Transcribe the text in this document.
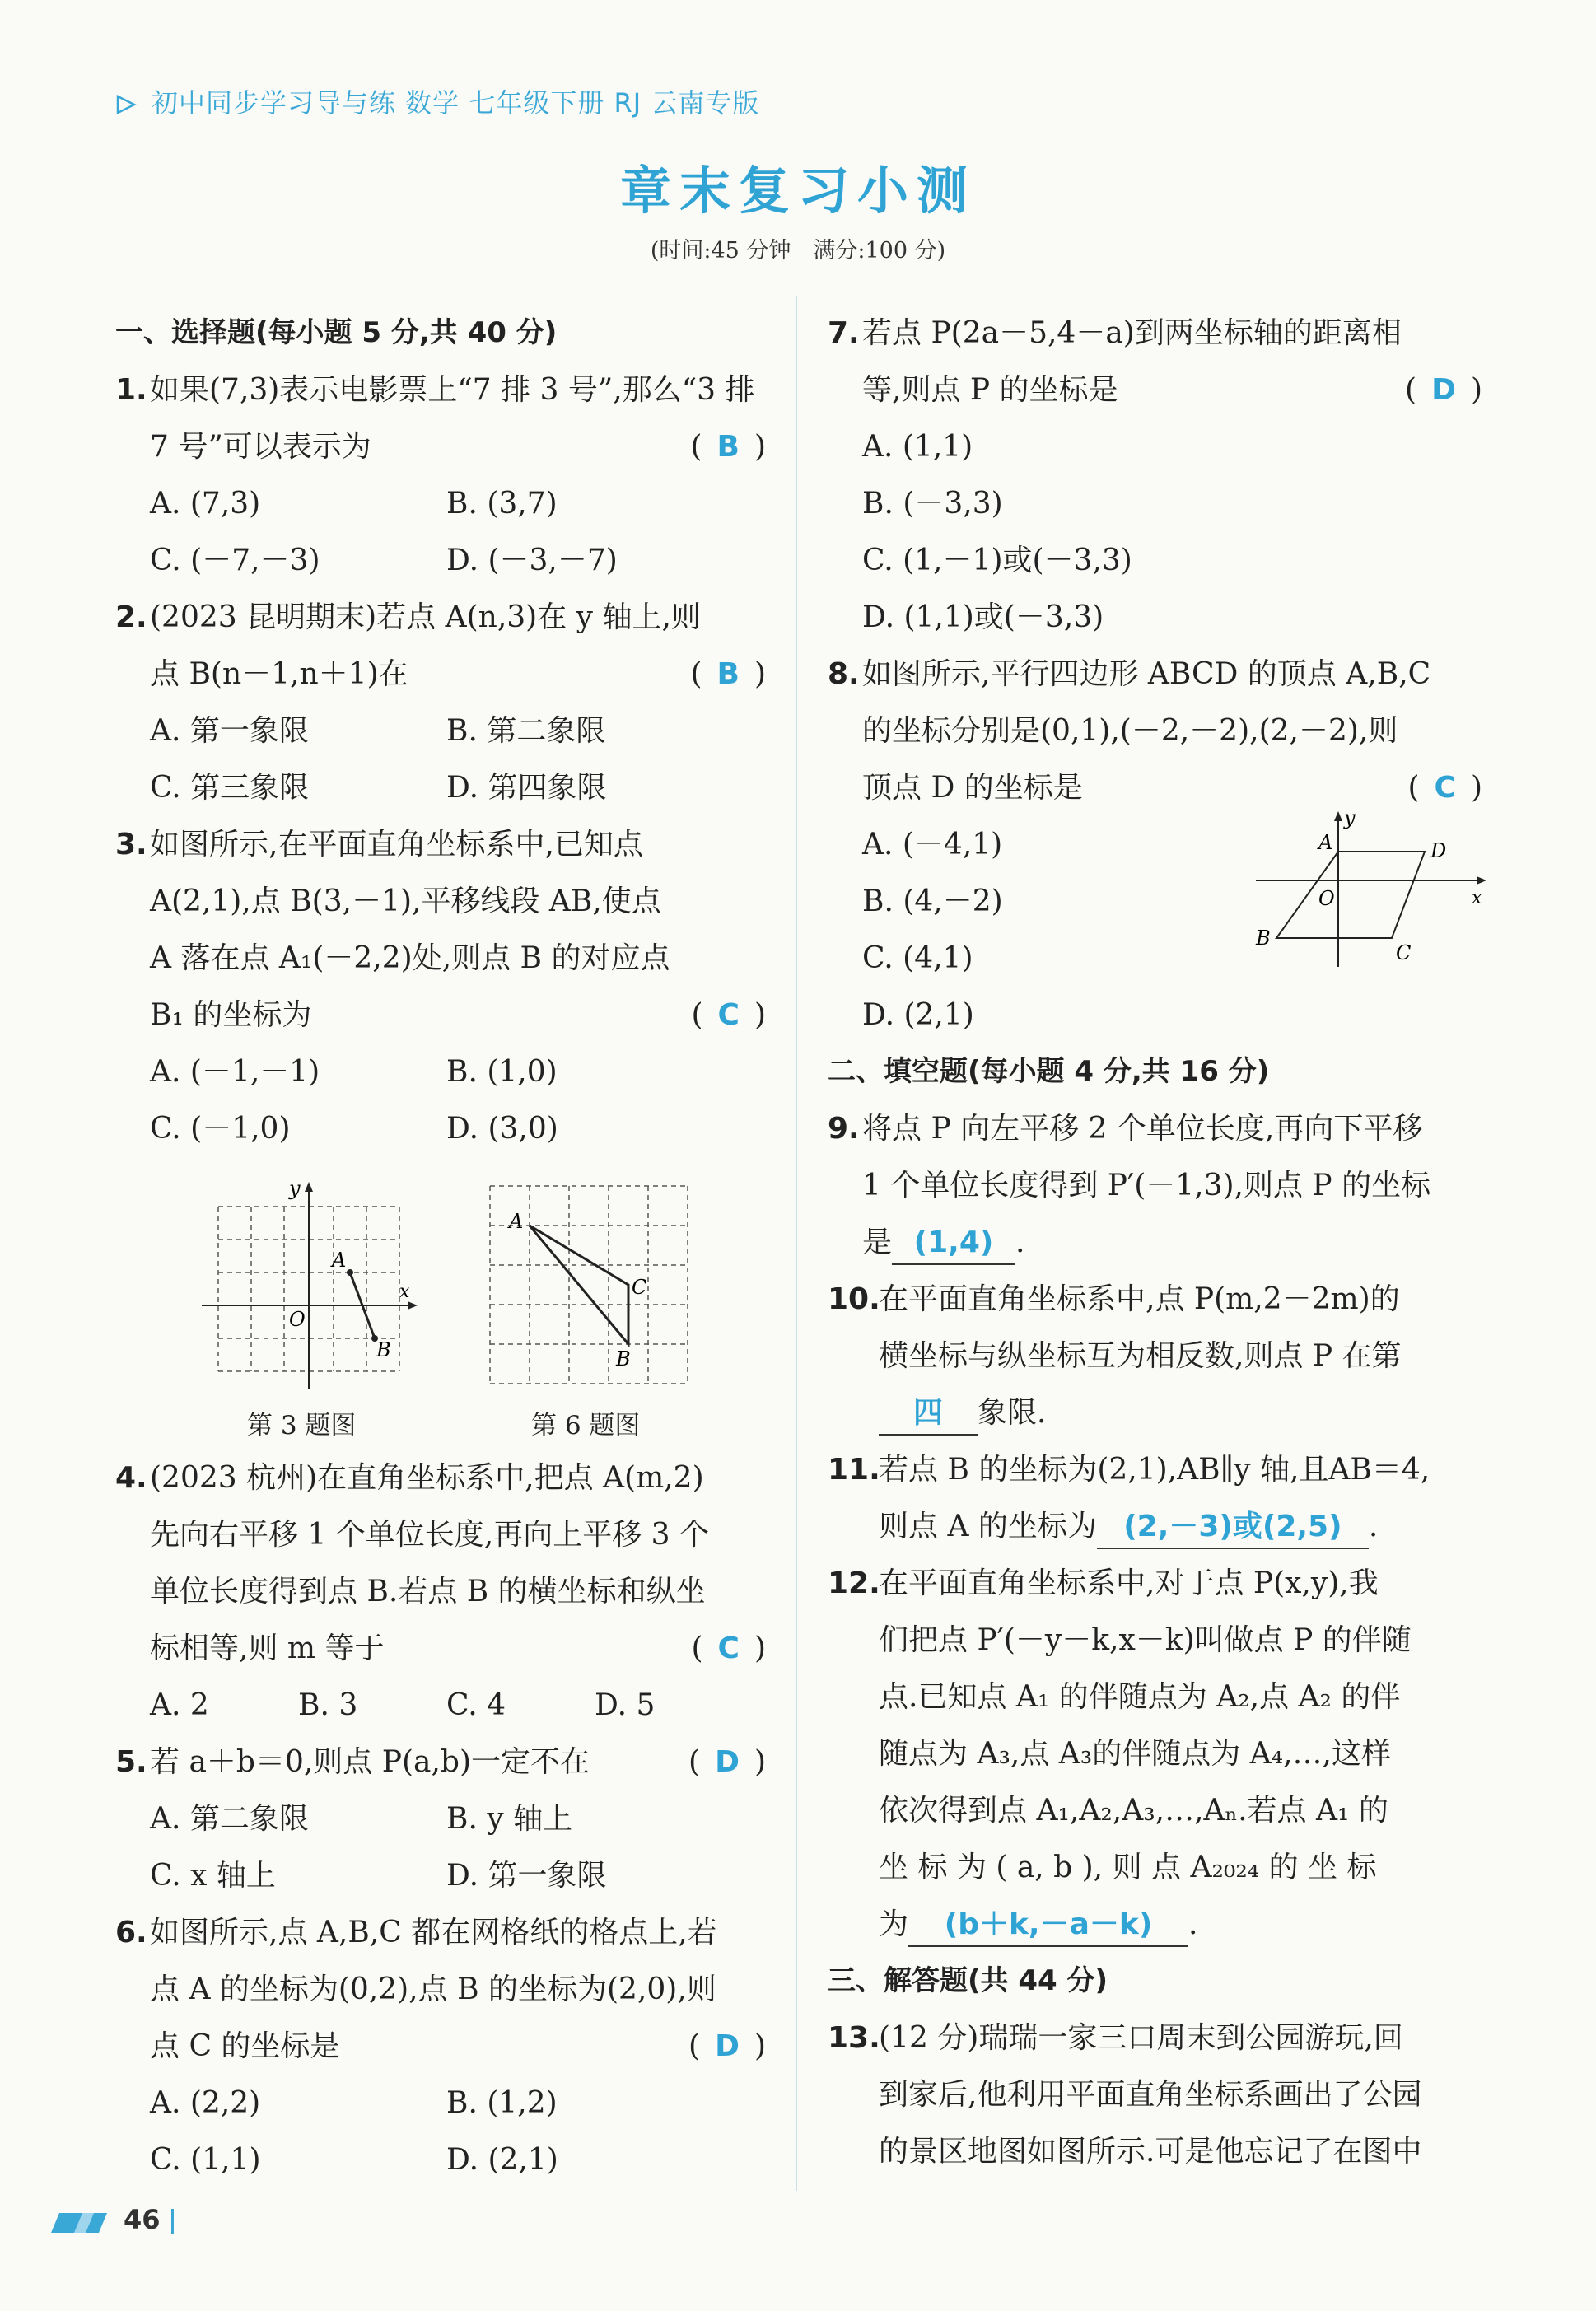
初中同步学习导与练 数学 七年级下册 RJ 云南专版
章末复习小测
(时间:45 分钟　满分:100 分)
一、选择题(每小题 5 分,共 40 分)
1. 如果(7,3)表示电影票上“7 排 3 号”,那么“3 排
7 号”可以表示为	( B )
A. (7,3)	B. (3,7)
C. (－7,－3)	D. (－3,－7)
2. (2023 昆明期末)若点 A(n,3)在 y 轴上,则
点 B(n－1,n＋1)在	( B )
A. 第一象限	B. 第二象限
C. 第三象限	D. 第四象限
3. 如图所示,在平面直角坐标系中,已知点
A(2,1),点 B(3,－1),平移线段 AB,使点
A 落在点 A₁(－2,2)处,则点 B 的对应点
B₁ 的坐标为	( C )
A. (－1,－1)	B. (1,0)
C. (－1,0)	D. (3,0)
y
x
O
A
B
第 3 题图
A
C
B
第 6 题图
4. (2023 杭州)在直角坐标系中,把点 A(m,2)
先向右平移 1 个单位长度,再向上平移 3 个
单位长度得到点 B.若点 B 的横坐标和纵坐
标相等,则 m 等于	( C )
A. 2	B. 3	C. 4	D. 5
5. 若 a＋b＝0,则点 P(a,b)一定不在	( D )
A. 第二象限	B. y 轴上
C. x 轴上	D. 第一象限
6. 如图所示,点 A,B,C 都在网格纸的格点上,若
点 A 的坐标为(0,2),点 B 的坐标为(2,0),则
点 C 的坐标是	( D )
A. (2,2)	B. (1,2)
C. (1,1)	D. (2,1)
7. 若点 P(2a－5,4－a)到两坐标轴的距离相
等,则点 P 的坐标是	( D )
A. (1,1)
B. (－3,3)
C. (1,－1)或(－3,3)
D. (1,1)或(－3,3)
8. 如图所示,平行四边形 ABCD 的顶点 A,B,C
的坐标分别是(0,1),(－2,－2),(2,－2),则
顶点 D 的坐标是	( C )
A. (－4,1)
B. (4,－2)
C. (4,1)
D. (2,1)
y
x
O
A	D
B
C
二、填空题(每小题 4 分,共 16 分)
9. 将点 P 向左平移 2 个单位长度,再向下平移
1 个单位长度得到 P′(－1,3),则点 P 的坐标
是 (1,4) .
10.
在平面直角坐标系中,点 P(m,2－2m)的
横坐标与纵坐标互为相反数,则点 P 在第
四 象限.
11.
若点 B 的坐标为(2,1),AB∥y 轴,且AB＝4,
则点 A 的坐标为 (2,－3)或(2,5) .
12.
在平面直角坐标系中,对于点 P(x,y),我
们把点 P′(－y－k,x－k)叫做点 P 的伴随
点.已知点 A₁ 的伴随点为 A₂,点 A₂ 的伴
随点为 A₃,点 A₃的伴随点为 A₄,…,这样
依次得到点 A₁,A₂,A₃,…,Aₙ.若点 A₁ 的
坐 标 为 ( a, b ), 则 点 A₂₀₂₄ 的 坐 标
为 (b＋k,－a－k) .
三、解答题(共 44 分)
13.
(12 分)瑞瑞一家三口周末到公园游玩,回
到家后,他利用平面直角坐标系画出了公园
的景区地图如图所示.可是他忘记了在图中
46
